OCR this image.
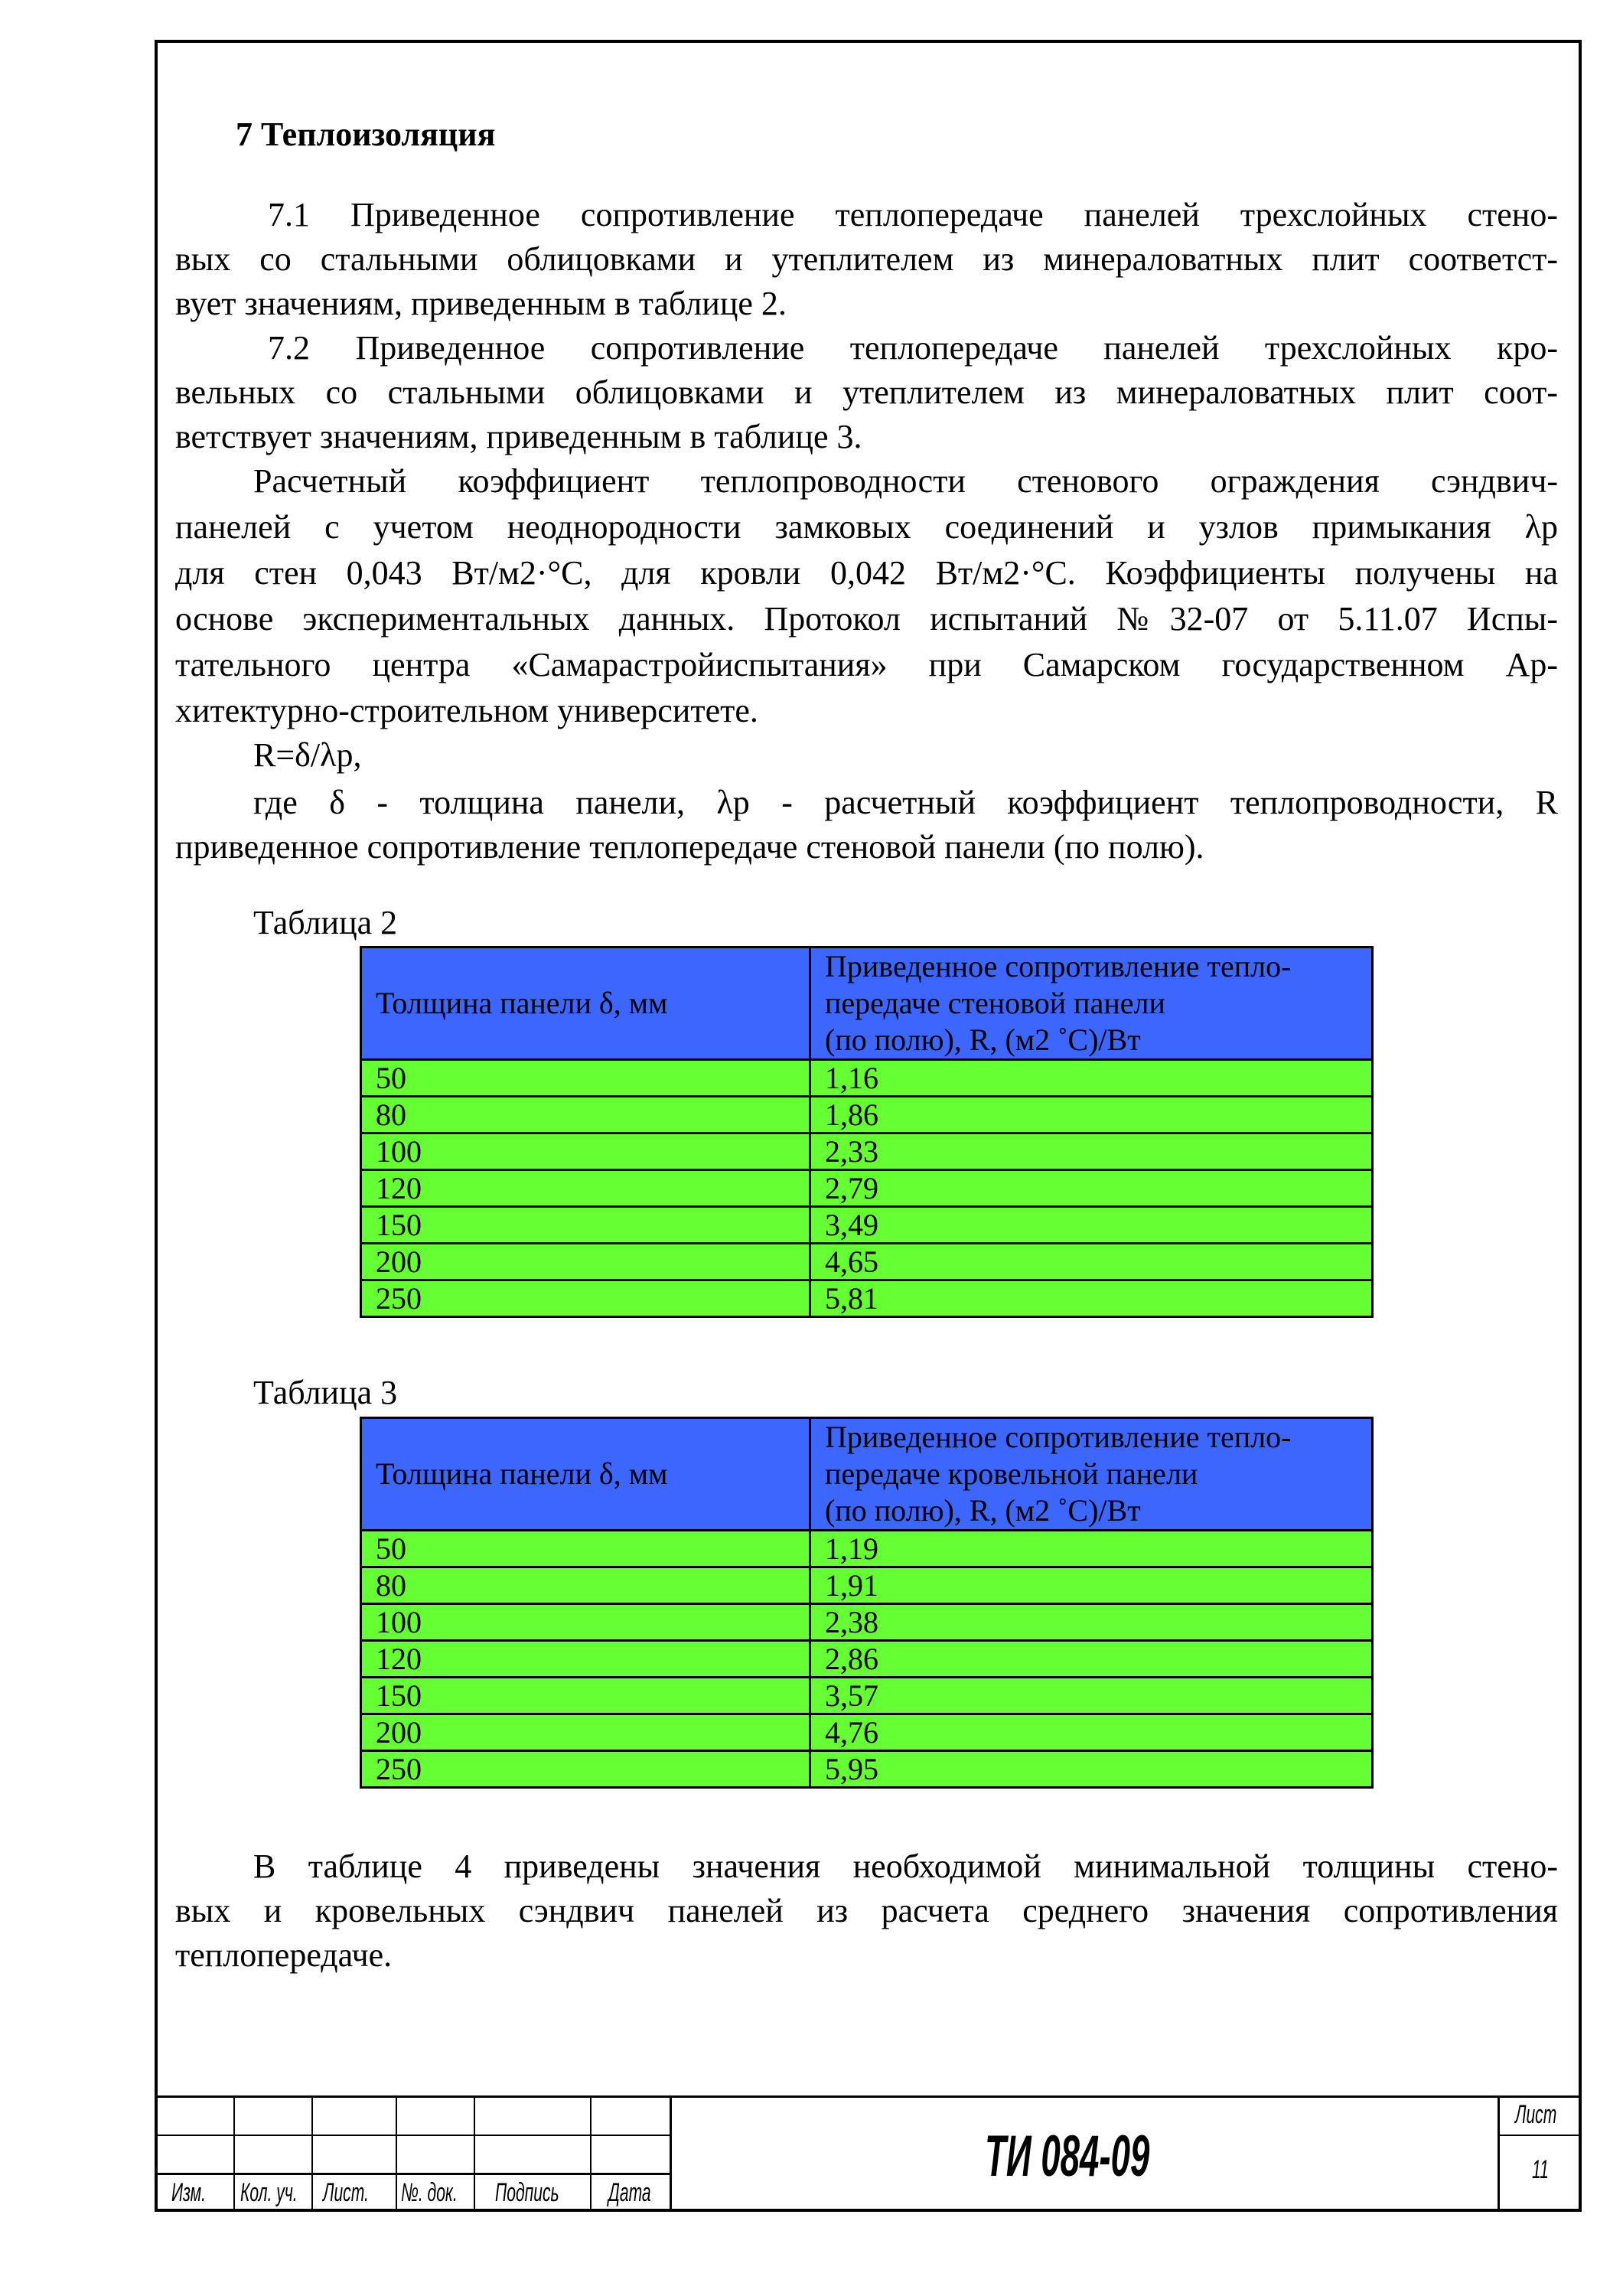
7 Теплоизоляция
7.1 Приведенное сопротивление теплопередаче панелей трехслойных стено-
вых со стальными облицовками и утеплителем из минераловатных плит соответст-
вует значениям, приведенным в таблице 2.
7.2 Приведенное сопротивление теплопередаче панелей трехслойных кро-
вельных со стальными облицовками и утеплителем из минераловатных плит соот-
ветствует значениям, приведенным в таблице 3.
Расчетный коэффициент теплопроводности стенового ограждения сэндвич-
панелей с учетом неоднородности замковых соединений и узлов примыкания λр
для стен 0,043 Вт/м2·°С, для кровли 0,042 Вт/м2·°С. Коэффициенты получены на
основе экспериментальных данных. Протокол испытаний №32-07 от 5.11.07 Испы-
тательного центра «Самарастройиспытания» при Самарском государственном Ар-
хитектурно-строительном университете.
R=δ/λр,
где δ - толщина панели, λр - расчетный коэффициент теплопроводности, R
приведенное сопротивление теплопередаче стеновой панели (по полю).
Таблица 2
Толщина панели δ, мм	Приведенное сопротивление тепло-
передаче стеновой панели
(по полю), R, (м2 ˚С)/Вт

50	1,16
80	1,86
100	2,33
120	2,79
150	3,49
200	4,65
250	5,81
Таблица 3
Толщина панели δ, мм	Приведенное сопротивление тепло-
передаче кровельной панели
(по полю), R, (м2 ˚С)/Вт

50	1,19
80	1,91
100	2,38
120	2,86
150	3,57
200	4,76
250	5,95
В таблице 4 приведены значения необходимой минимальной толщины стено-
вых и кровельных сэндвич панелей из расчета среднего значения сопротивления
теплопередаче.
Изм. Кол. уч. Лист. №. док. Подпись Дата
ТИ 084-09
Лист
11
